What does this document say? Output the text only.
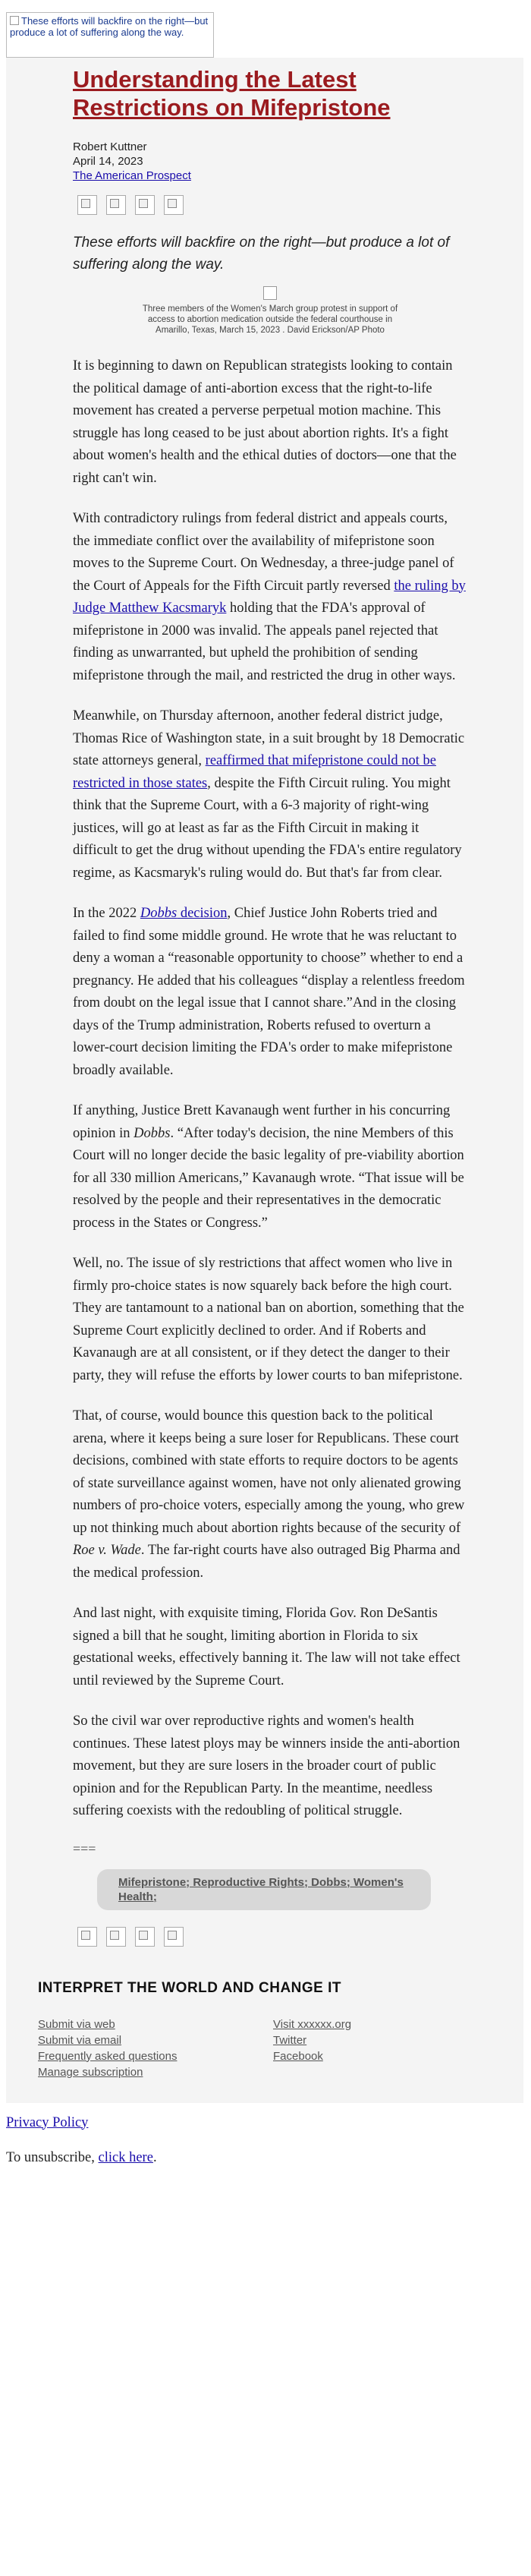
These efforts will backfire on the right—but produce a lot of suffering along the way.
Understanding the Latest Restrictions on Mifepristone
Robert Kuttner
April 14, 2023
The American Prospect
These efforts will backfire on the right—but produce a lot of suffering along the way.
Three members of the Women's March group protest in support of access to abortion medication outside the federal courthouse in Amarillo, Texas, March 15, 2023 . David Erickson/AP Photo

It is beginning to dawn on Republican strategists looking to contain the political damage of anti-abortion excess that the right-to-life movement has created a perverse perpetual motion machine. This struggle has long ceased to be just about abortion rights. It's a fight about women's health and the ethical duties of doctors—one that the right can't win.

With contradictory rulings from federal district and appeals courts, the immediate conflict over the availability of mifepristone soon moves to the Supreme Court. On Wednesday, a three-judge panel of the Court of Appeals for the Fifth Circuit partly reversed the ruling by Judge Matthew Kacsmaryk holding that the FDA's approval of mifepristone in 2000 was invalid. The appeals panel rejected that finding as unwarranted, but upheld the prohibition of sending mifepristone through the mail, and restricted the drug in other ways.

Meanwhile, on Thursday afternoon, another federal district judge, Thomas Rice of Washington state, in a suit brought by 18 Democratic state attorneys general, reaffirmed that mifepristone could not be restricted in those states, despite the Fifth Circuit ruling. You might think that the Supreme Court, with a 6-3 majority of right-wing justices, will go at least as far as the Fifth Circuit in making it difficult to get the drug without upending the FDA's entire regulatory regime, as Kacsmaryk's ruling would do. But that's far from clear.

In the 2022 Dobbs decision, Chief Justice John Roberts tried and failed to find some middle ground. He wrote that he was reluctant to deny a woman a “reasonable opportunity to choose” whether to end a pregnancy. He added that his colleagues “display a relentless freedom from doubt on the legal issue that I cannot share.”And in the closing days of the Trump administration, Roberts refused to overturn a lower-court decision limiting the FDA's order to make mifepristone broadly available.

If anything, Justice Brett Kavanaugh went further in his concurring opinion in Dobbs. “After today's decision, the nine Members of this Court will no longer decide the basic legality of pre-viability abortion for all 330 million Americans,” Kavanaugh wrote. “That issue will be resolved by the people and their representatives in the democratic process in the States or Congress.”

Well, no. The issue of sly restrictions that affect women who live in firmly pro-choice states is now squarely back before the high court. They are tantamount to a national ban on abortion, something that the Supreme Court explicitly declined to order. And if Roberts and Kavanaugh are at all consistent, or if they detect the danger to their party, they will refuse the efforts by lower courts to ban mifepristone.

That, of course, would bounce this question back to the political arena, where it keeps being a sure loser for Republicans. These court decisions, combined with state efforts to require doctors to be agents of state surveillance against women, have not only alienated growing numbers of pro-choice voters, especially among the young, who grew up not thinking much about abortion rights because of the security of Roe v. Wade. The far-right courts have also outraged Big Pharma and the medical profession.

And last night, with exquisite timing, Florida Gov. Ron DeSantis signed a bill that he sought, limiting abortion in Florida to six gestational weeks, effectively banning it. The law will not take effect until reviewed by the Supreme Court.

So the civil war over reproductive rights and women's health continues. These latest ploys may be winners inside the anti-abortion movement, but they are sure losers in the broader court of public opinion and for the Republican Party. In the meantime, needless suffering coexists with the redoubling of political struggle.

===
Mifepristone; Reproductive Rights; Dobbs; Women's Health;
INTERPRET THE WORLD AND CHANGE IT
Submit via web
Submit via email
Frequently asked questions
Manage subscription
Visit xxxxxx.org
Twitter
Facebook

Privacy Policy

To unsubscribe, click here.
